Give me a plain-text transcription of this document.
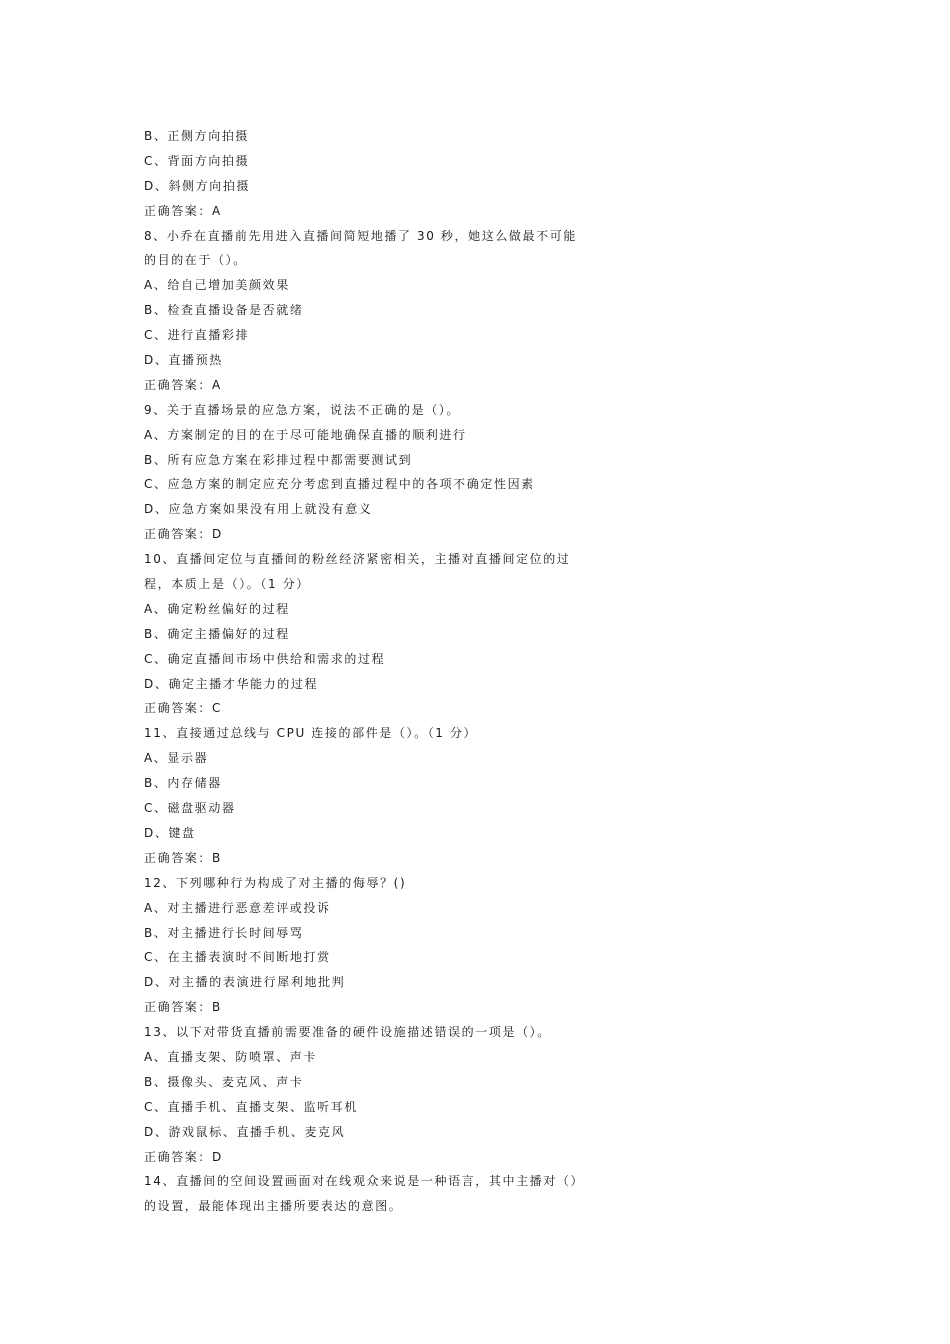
B、正侧方向拍摄
C、背面方向拍摄
D、斜侧方向拍摄
正确答案：A
8、小乔在直播前先用进入直播间简短地播了 30 秒，她这么做最不可能
的目的在于（）。
A、给自己增加美颜效果
B、检查直播设备是否就绪
C、进行直播彩排
D、直播预热
正确答案：A
9、关于直播场景的应急方案，说法不正确的是（）。
A、方案制定的目的在于尽可能地确保直播的顺利进行
B、所有应急方案在彩排过程中都需要测试到
C、应急方案的制定应充分考虑到直播过程中的各项不确定性因素
D、应急方案如果没有用上就没有意义
正确答案：D
10、直播间定位与直播间的粉丝经济紧密相关，主播对直播间定位的过
程，本质上是（）。（1 分）
A、确定粉丝偏好的过程
B、确定主播偏好的过程
C、确定直播间市场中供给和需求的过程
D、确定主播才华能力的过程
正确答案：C
11、直接通过总线与 CPU 连接的部件是（）。（1 分）
A、显示器
B、内存储器
C、磁盘驱动器
D、键盘
正确答案：B
12、下列哪种行为构成了对主播的侮辱？()
A、对主播进行恶意差评或投诉
B、对主播进行长时间辱骂
C、在主播表演时不间断地打赏
D、对主播的表演进行犀利地批判
正确答案：B
13、以下对带货直播前需要准备的硬件设施描述错误的一项是（）。
A、直播支架、防喷罩、声卡
B、摄像头、麦克风、声卡
C、直播手机、直播支架、监听耳机
D、游戏鼠标、直播手机、麦克风
正确答案：D
14、直播间的空间设置画面对在线观众来说是一种语言，其中主播对（）
的设置，最能体现出主播所要表达的意图。
